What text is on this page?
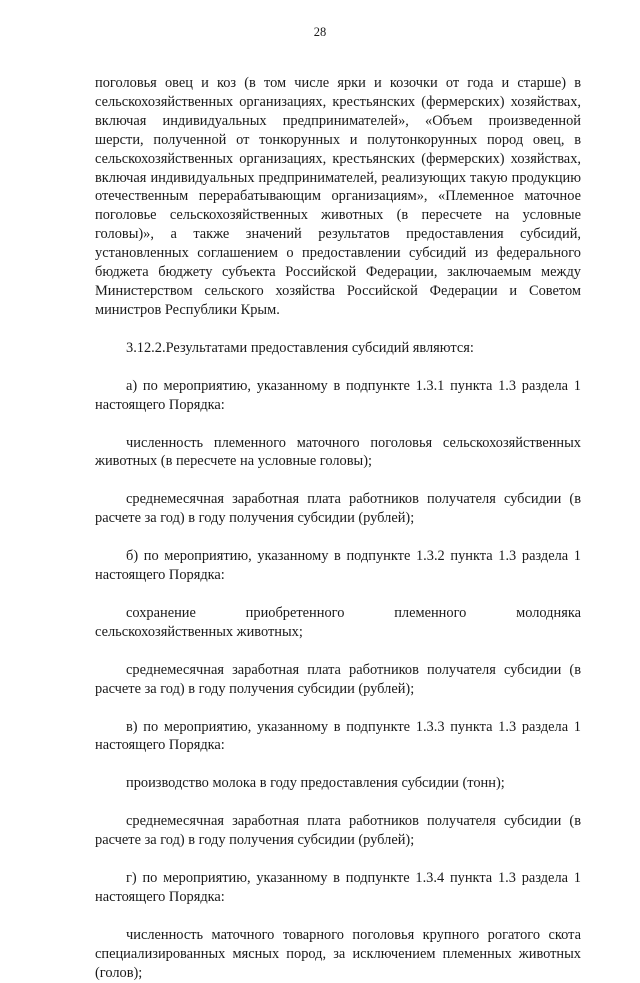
28

поголовья овец и коз (в том числе ярки и козочки от года и старше) в сельскохозяйственных организациях, крестьянских (фермерских) хозяйствах, включая индивидуальных предпринимателей», «Объем произведенной шерсти, полученной от тонкорунных и полутонкорунных пород овец, в сельскохозяйственных организациях, крестьянских (фермерских) хозяйствах, включая индивидуальных предпринимателей, реализующих такую продукцию отечественным перерабатывающим организациям», «Племенное маточное поголовье сельскохозяйственных животных (в пересчете на условные головы)», а также значений результатов предоставления субсидий, установленных соглашением о предоставлении субсидий из федерального бюджета бюджету субъекта Российской Федерации, заключаемым между Министерством сельского хозяйства Российской Федерации и Советом министров Республики Крым.

3.12.2.Результатами предоставления субсидий являются:

а) по мероприятию, указанному в подпункте 1.3.1 пункта 1.3 раздела 1 настоящего Порядка:

численность племенного маточного поголовья сельскохозяйственных животных (в пересчете на условные головы);

среднемесячная заработная плата работников получателя субсидии (в расчете за год) в году получения субсидии (рублей);

б) по мероприятию, указанному в подпункте 1.3.2 пункта 1.3 раздела 1 настоящего Порядка:

сохранение приобретенного племенного молодняка сельскохозяйственных животных;

среднемесячная заработная плата работников получателя субсидии (в расчете за год) в году получения субсидии (рублей);

в) по мероприятию, указанному в подпункте 1.3.3 пункта 1.3 раздела 1 настоящего Порядка:

производство молока в году предоставления субсидии (тонн);

среднемесячная заработная плата работников получателя субсидии (в расчете за год) в году получения субсидии (рублей);

г) по мероприятию, указанному в подпункте 1.3.4 пункта 1.3 раздела 1 настоящего Порядка:

численность маточного товарного поголовья крупного рогатого скота специализированных мясных пород, за исключением племенных животных (голов);
